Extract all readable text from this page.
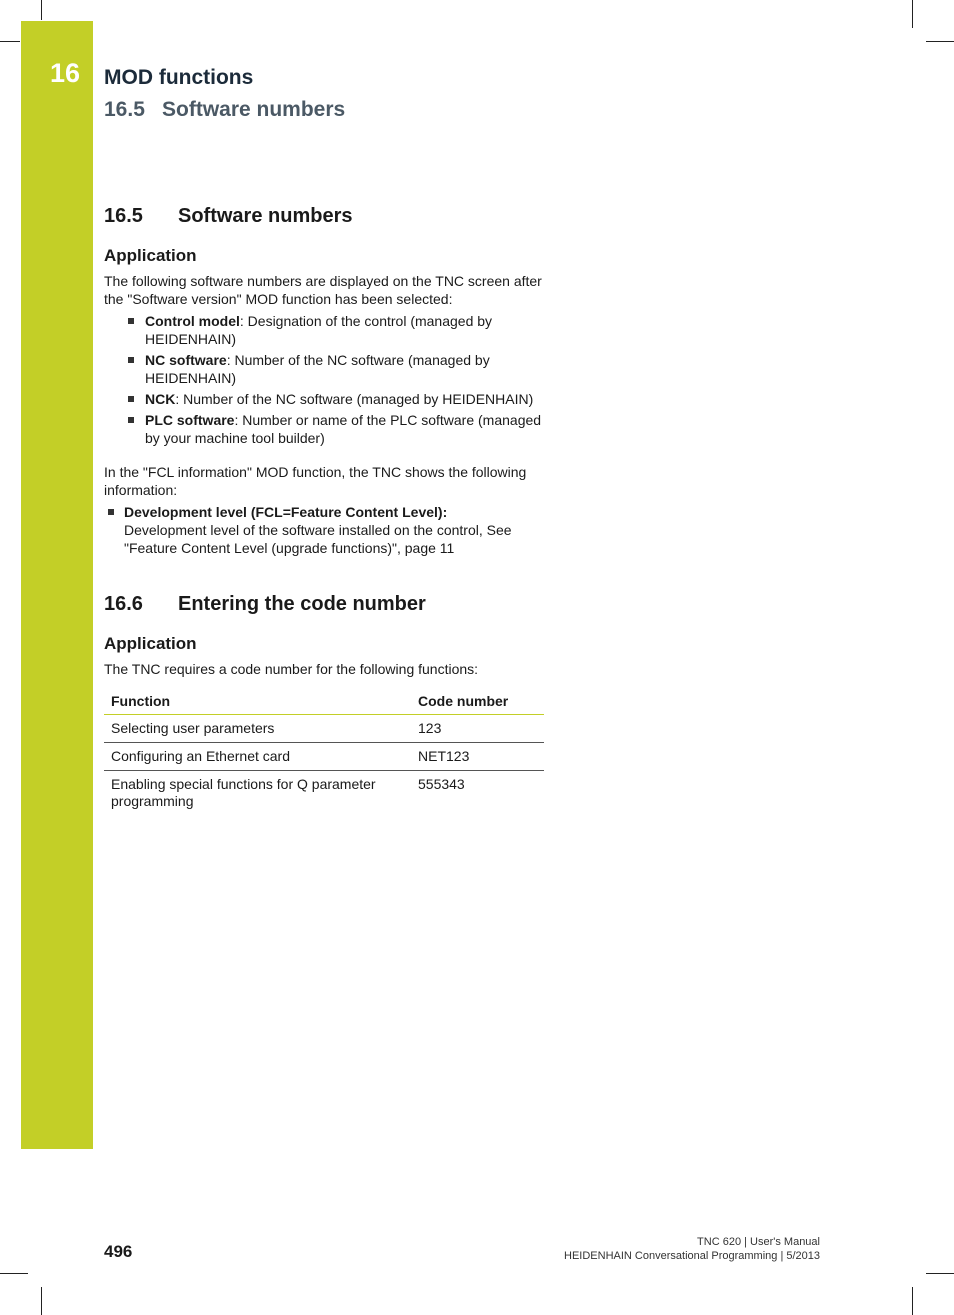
16 MOD functions
16.5 Software numbers
16.5 Software numbers
Application

The following software numbers are displayed on the TNC screen after the "Software version" MOD function has been selected:

Control model: Designation of the control (managed by HEIDENHAIN)
NC software: Number of the NC software (managed by HEIDENHAIN)
NCK: Number of the NC software (managed by HEIDENHAIN)
PLC software: Number or name of the PLC software (managed by your machine tool builder)

In the "FCL information" MOD function, the TNC shows the following information:

Development level (FCL=Feature Content Level):
Development level of the software installed on the control, See "Feature Content Level (upgrade functions)", page 11
16.6 Entering the code number
Application

The TNC requires a code number for the following functions:

Function	Code number
Selecting user parameters	123
Configuring an Ethernet card	NET123
Enabling special functions for Q parameter programming	555343
496	TNC 620 | User's Manual
HEIDENHAIN Conversational Programming | 5/2013
